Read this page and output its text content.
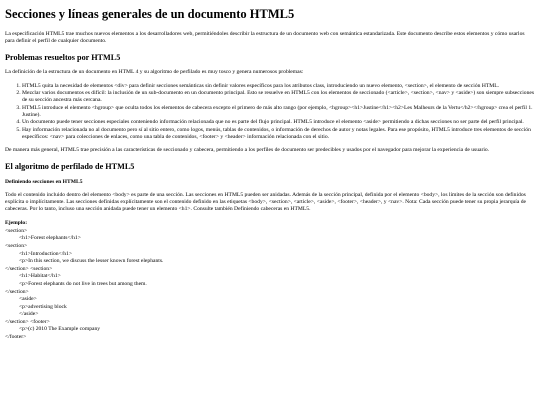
Secciones y líneas generales de un documento HTML5

La especificación HTML5 trae muchos nuevos elementos a los desarrolladores web, permitiéndoles describir la estructura de un documento web con semántica estandarizada. Este documento describe estos elementos y cómo usarlos para definir el perfil de cualquier documento.

Problemas resueltos por HTML5

La definición de la estructura de un documento en HTML 4 y su algoritmo de perfilado es muy tosco y genera numerosos problemas:

1. HTML5 quita la necesidad de elementos <div> para definir secciones semánticas sin definir valores específicos para los atributos class, introduciendo un nuevo elemento, <section>, el elemento de sección HTML.
2. Mezclar varios documentos es difícil: la inclusión de un sub-documento en un documento principal. Esto se resuelve en HTML5 con los elementos de seccionado (<article>, <section>, <nav> y <aside>) son siempre subsecciones de su sección ancestra más cercana.
3. HTML5 introduce el elemento <hgroup> que oculta todos los elementos de cabecera excepto el primero de más alto rango (por ejemplo, <hgroup><h1>Justine</h1><h2>Les Malheurs de la Vertu</h2></hgroup> crea el perfil 1. Justine).
4. Un documento puede tener secciones especiales conteniendo información relacionada que no es parte del flujo principal. HTML5 introduce el elemento <aside> permitiendo a dichas secciones no ser parte del perfil principal.
5. Hay información relacionada no al documento pero sí al sitio entero, como logos, menús, tablas de contenidos, o información de derechos de autor y notas legales. Para ese propósito, HTML5 introduce tres elementos de sección específicos: <nav> para colecciones de enlaces, como una tabla de contenidos, <footer> y <header> información relacionada con el sitio.

De manera más general, HTML5 trae precisión a las características de seccionado y cabecera, permitiendo a los perfiles de documento ser predecibles y usados por el navegador para mejorar la experiencia de usuario.

El algoritmo de perfilado de HTML5
Definiendo secciones en HTML5

Todo el contenido incluido dentro del elemento <body> es parte de una sección. Las secciones en HTML5 pueden ser anidadas. Además de la sección principal, definida por el elemento <body>, los límites de la sección son definidos explícita o implícitamente. Las secciones definidas explícitamente son el contenido definido en las etiquetas <body>, <section>, <article>, <aside>, <footer>, <header>, y <nav>. Nota: Cada sección puede tener su propia jerarquía de cabeceras. Por lo tanto, incluso una sección anidada puede tener un elemento <h1>. Consulte también Definiendo cabeceras en HTML5.

Ejemplo:
<section>
<h1>Forest elephants</h1>
<section>
<h1>Introduction</h1>
<p>In this section, we discuss the lesser known forest elephants.
</section> <section>
<h1>Habitat</h1>
<p>Forest elephants do not live in trees but among them.
</section>
<aside>
<p>advertising block
</aside>
</section> <footer>
<p>(c) 2010 The Example company
</footer>
